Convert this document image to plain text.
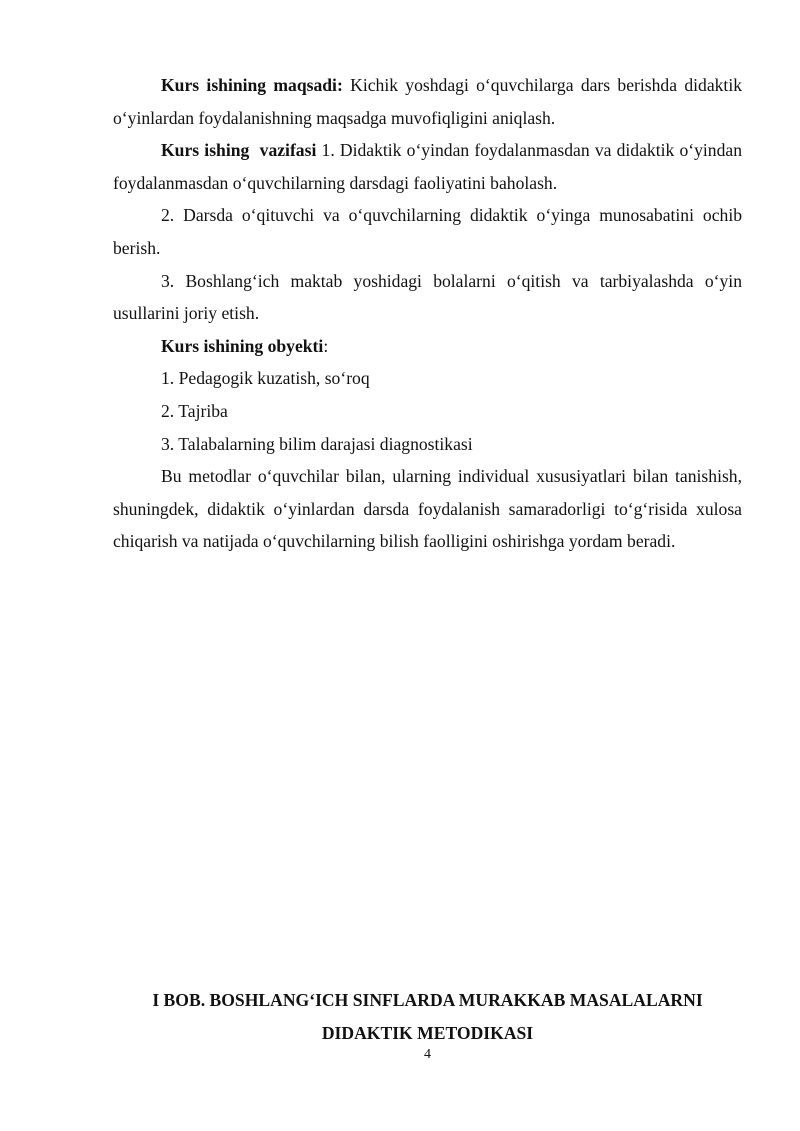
Kurs ishining maqsadi: Kichik yoshdagi o‘quvchilarga dars berishda didaktik o‘yinlardan foydalanishning maqsadga muvofiqligini aniqlash.

Kurs ishing  vazifasi 1. Didaktik o‘yindan foydalanmasdan va didaktik o‘yindan foydalanmasdan o‘quvchilarning darsdagi faoliyatini baholash.

2. Darsda o‘qituvchi va o‘quvchilarning didaktik o‘yinga munosabatini ochib berish.

3. Boshlang‘ich maktab yoshidagi bolalarni o‘qitish va tarbiyalashda o‘yin usullarini joriy etish.

Kurs ishining obyekti:

1. Pedagogik kuzatish, so‘roq

2. Tajriba

3. Talabalarning bilim darajasi diagnostikasi

Bu metodlar o‘quvchilar bilan, ularning individual xususiyatlari bilan tanishish, shuningdek, didaktik o‘yinlardan darsda foydalanish samaradorligi to‘g‘risida xulosa chiqarish va natijada o‘quvchilarning bilish faolligini oshirishga yordam beradi.

I BOB. BOSHLANG‘ICH SINFLARDA MURAKKAB MASALALARNI
DIDAKTIK METODIKASI
4
